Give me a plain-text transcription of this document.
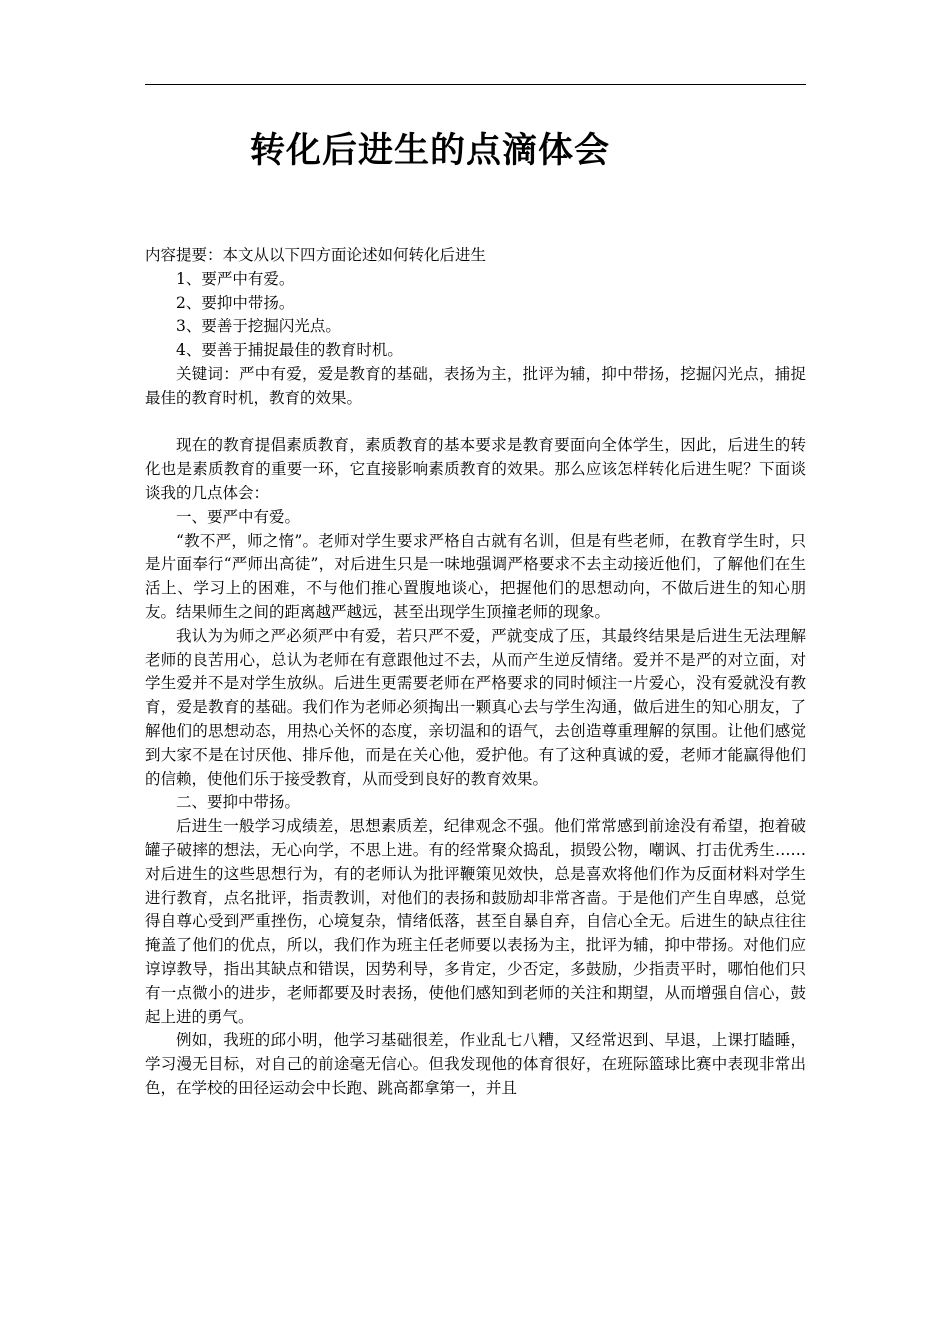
转化后进生的点滴体会

内容提要：本文从以下四方面论述如何转化后进生

1、要严中有爱。

2、要抑中带扬。

3、要善于挖掘闪光点。

4、要善于捕捉最佳的教育时机。

关键词：严中有爱，爱是教育的基础，表扬为主，批评为辅，抑中带扬，挖掘闪光点，捕捉最佳的教育时机，教育的效果。

现在的教育提倡素质教育，素质教育的基本要求是教育要面向全体学生，因此，后进生的转化也是素质教育的重要一环，它直接影响素质教育的效果。那么应该怎样转化后进生呢？下面谈谈我的几点体会：

一、要严中有爱。

“教不严，师之惰”。老师对学生要求严格自古就有名训，但是有些老师，在教育学生时，只是片面奉行“严师出高徒”，对后进生只是一味地强调严格要求不去主动接近他们，了解他们在生活上、学习上的困难，不与他们推心置腹地谈心，把握他们的思想动向，不做后进生的知心朋友。结果师生之间的距离越严越远，甚至出现学生顶撞老师的现象。

我认为为师之严必须严中有爱，若只严不爱，严就变成了压，其最终结果是后进生无法理解老师的良苦用心，总认为老师在有意跟他过不去，从而产生逆反情绪。爱并不是严的对立面，对学生爱并不是对学生放纵。后进生更需要老师在严格要求的同时倾注一片爱心，没有爱就没有教育，爱是教育的基础。我们作为老师必须掏出一颗真心去与学生沟通，做后进生的知心朋友，了解他们的思想动态，用热心关怀的态度，亲切温和的语气，去创造尊重理解的氛围。让他们感觉到大家不是在讨厌他、排斥他，而是在关心他，爱护他。有了这种真诚的爱，老师才能赢得他们的信赖，使他们乐于接受教育，从而受到良好的教育效果。

二、要抑中带扬。

后进生一般学习成绩差，思想素质差，纪律观念不强。他们常常感到前途没有希望，抱着破罐子破摔的想法，无心向学，不思上进。有的经常聚众捣乱，损毁公物，嘲讽、打击优秀生……对后进生的这些思想行为，有的老师认为批评鞭策见效快，总是喜欢将他们作为反面材料对学生进行教育，点名批评，指责教训，对他们的表扬和鼓励却非常吝啬。于是他们产生自卑感，总觉得自尊心受到严重挫伤，心境复杂，情绪低落，甚至自暴自弃，自信心全无。后进生的缺点往往掩盖了他们的优点，所以，我们作为班主任老师要以表扬为主，批评为辅，抑中带扬。对他们应谆谆教导，指出其缺点和错误，因势利导，多肯定，少否定，多鼓励，少指责平时，哪怕他们只有一点微小的进步，老师都要及时表扬，使他们感知到老师的关注和期望，从而增强自信心，鼓起上进的勇气。

例如，我班的邱小明，他学习基础很差，作业乱七八糟，又经常迟到、早退，上课打瞌睡，学习漫无目标，对自己的前途毫无信心。但我发现他的体育很好，在班际篮球比赛中表现非常出色，在学校的田径运动会中长跑、跳高都拿第一，并且
